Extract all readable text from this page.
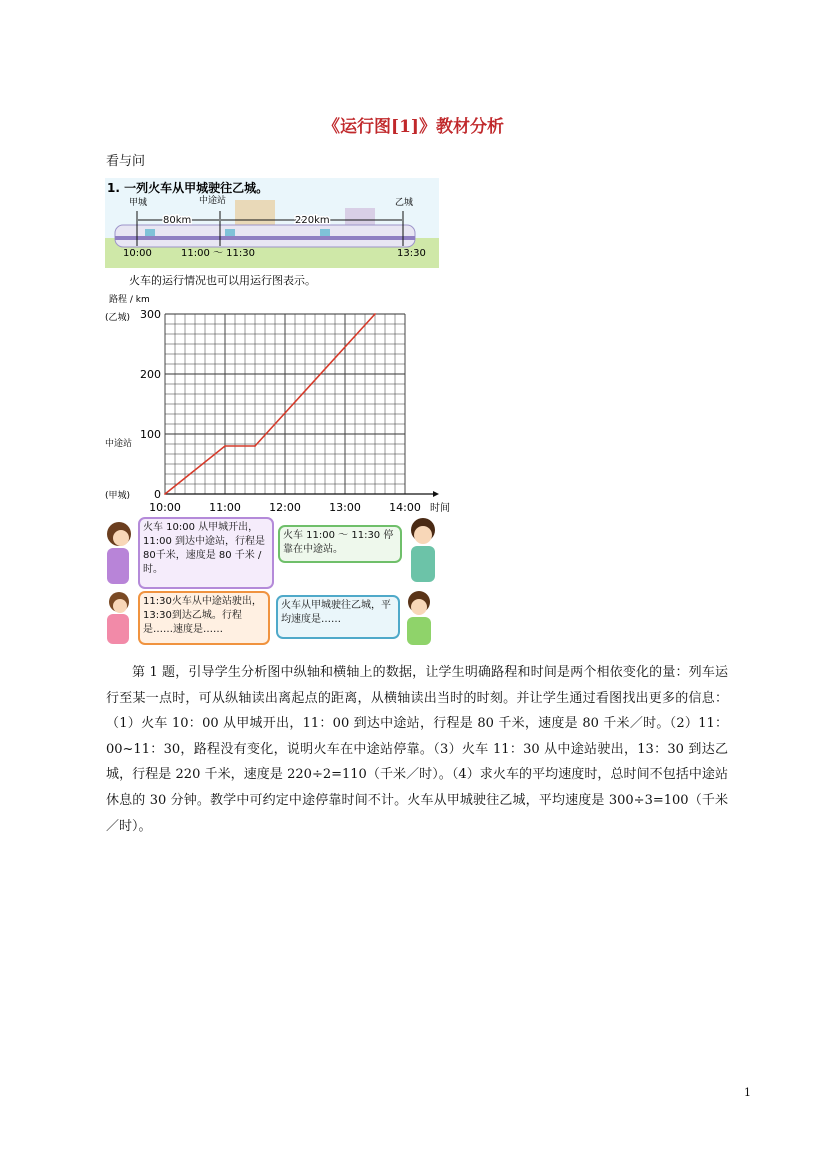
《运行图[1]》教材分析
看与问
1. 一列火车从甲城驶往乙城。
甲城	中途站	乙城
80km	220km
10:00	11:00 ～ 11:30	13:30
火车的运行情况也可以用运行图表示。
路程 / km
10:00	11:00	12:00	13:00	14:00 时间
0
100
200
300
(甲城)
中途站
(乙城)
火车 10:00 从甲城开出，11:00 到达中途站，行程是80千米，速度是 80 千米 / 时。
火车 11:00 ～ 11:30 停靠在中途站。
11:30火车从中途站驶出，13:30到达乙城。行程是……速度是……
火车从甲城驶往乙城，平均速度是……
第 1 题，引导学生分析图中纵轴和横轴上的数据，让学生明确路程和时间是两个相依变化的量：列车运行至某一点时，可从纵轴读出离起点的距离，从横轴读出当时的时刻。并让学生通过看图找出更多的信息：（1）火车 10：00 从甲城开出，11：00 到达中途站，行程是 80 千米，速度是 80 千米／时。（2）11：00~11：30，路程没有变化，说明火车在中途站停靠。（3）火车 11：30 从中途站驶出，13：30 到达乙城，行程是 220 千米，速度是 220÷2=110（千米／时）。（4）求火车的平均速度时，总时间不包括中途站休息的 30 分钟。教学中可约定中途停靠时间不计。火车从甲城驶往乙城，平均速度是 300÷3=100（千米／时）。
1
